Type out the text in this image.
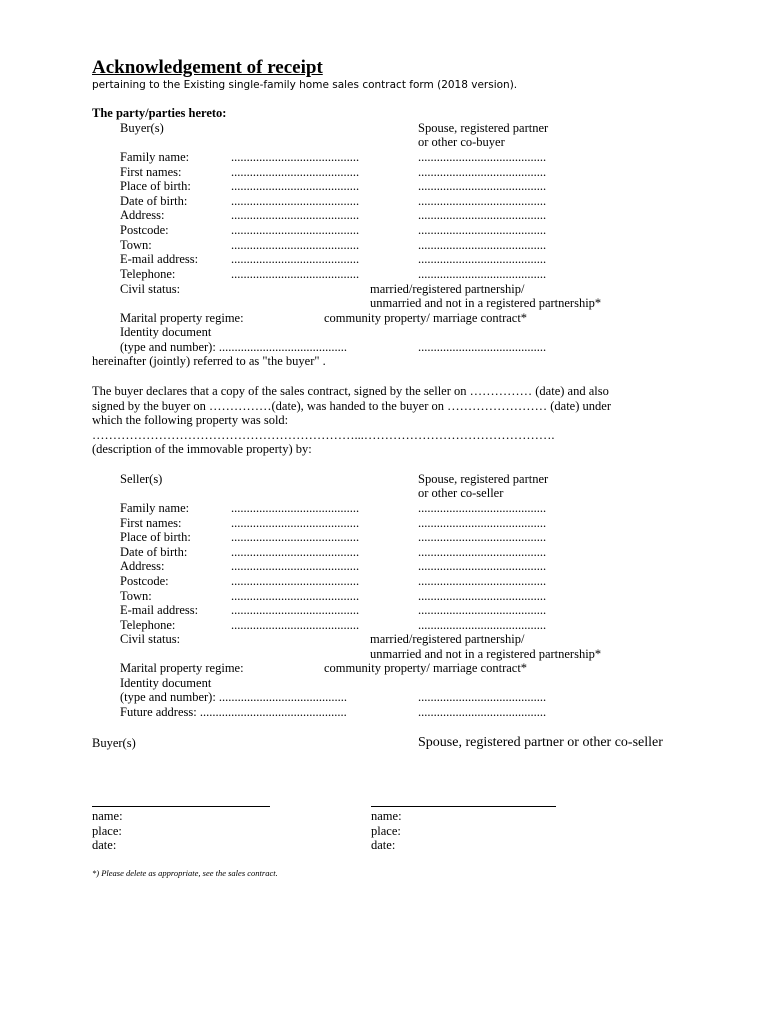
Acknowledgement of receipt
pertaining to the Existing single-family home sales contract form (2018 version).
The party/parties hereto:
Buyer(s)	Spouse, registered partner
or other co-buyer
Family name:	.........................................	.........................................
First names:	.........................................	.........................................
Place of birth:	.........................................	.........................................
Date of birth:	.........................................	.........................................
Address:	.........................................	.........................................
Postcode:	.........................................	.........................................
Town:	.........................................	.........................................
E-mail address:	.........................................	.........................................
Telephone:	.........................................	.........................................
Civil status:	married/registered partnership/
unmarried and not in a registered partnership*
Marital property regime:	community property/ marriage contract*
Identity document
(type and number): .........................................	.........................................
hereinafter (jointly) referred to as "the buyer" .
The buyer declares that a copy of the sales contract, signed by the seller on …………… (date) and also
signed by the buyer on ……………(date), was handed to the buyer on …………………… (date) under
which the following property was sold:
………………………………………………………...……………………………………….
(description of the immovable property) by:
Seller(s)	Spouse, registered partner
or other co-seller
Family name:	.........................................	.........................................
First names:	.........................................	.........................................
Place of birth:	.........................................	.........................................
Date of birth:	.........................................	.........................................
Address:	.........................................	.........................................
Postcode:	.........................................	.........................................
Town:	.........................................	.........................................
E-mail address:	.........................................	.........................................
Telephone:	.........................................	.........................................
Civil status:	married/registered partnership/
unmarried and not in a registered partnership*
Marital property regime:	community property/ marriage contract*
Identity document
(type and number): .........................................	.........................................
Future address: ...............................................	.........................................
Buyer(s)	Spouse, registered partner or other co-seller
name:
place:
date:
name:
place:
date:
*) Please delete as appropriate, see the sales contract.
